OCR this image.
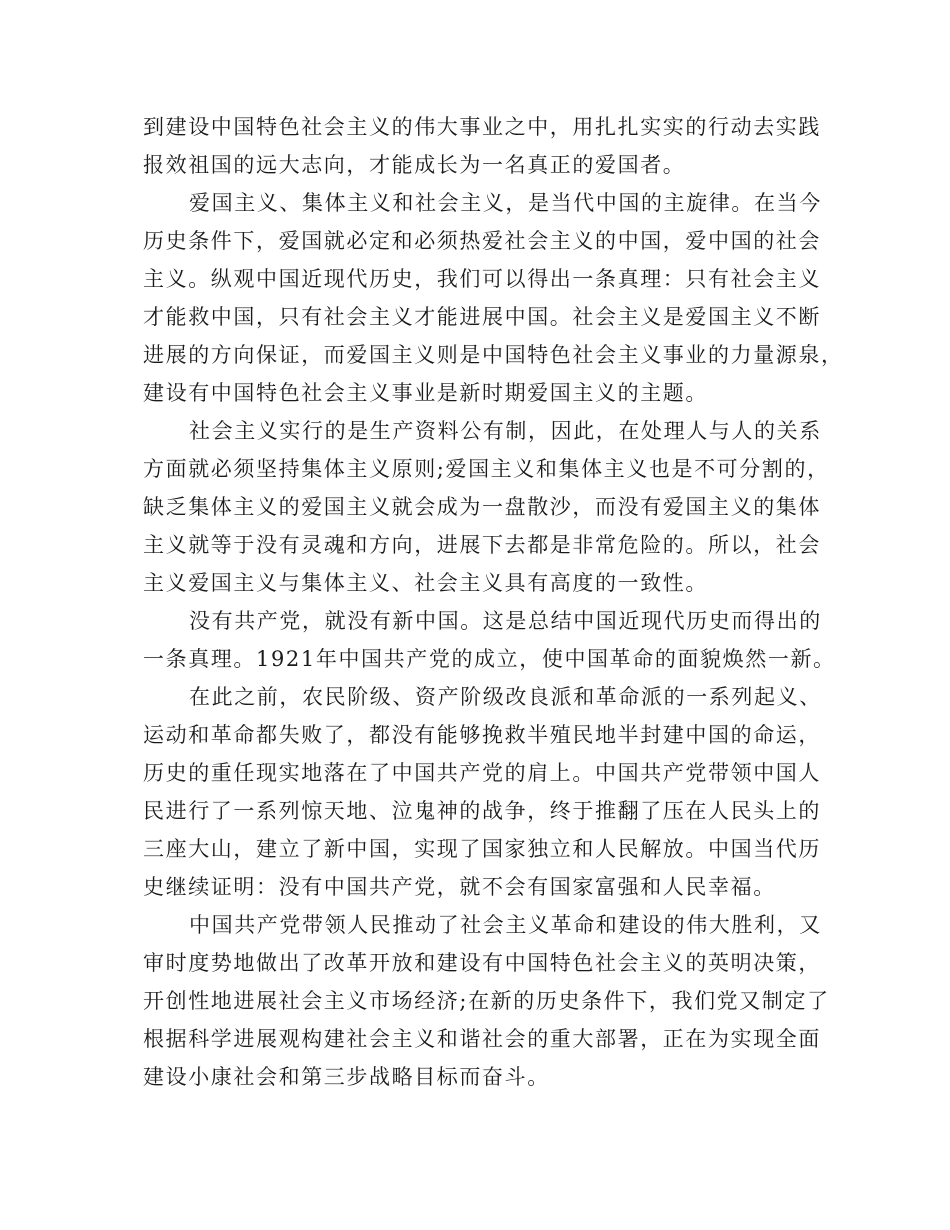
到建设中国特色社会主义的伟大事业之中，用扎扎实实的行动去实践
报效祖国的远大志向，才能成长为一名真正的爱国者。
爱国主义、集体主义和社会主义，是当代中国的主旋律。在当今
历史条件下，爱国就必定和必须热爱社会主义的中国，爱中国的社会
主义。纵观中国近现代历史，我们可以得出一条真理：只有社会主义
才能救中国，只有社会主义才能进展中国。社会主义是爱国主义不断
进展的方向保证，而爱国主义则是中国特色社会主义事业的力量源泉，
建设有中国特色社会主义事业是新时期爱国主义的主题。
社会主义实行的是生产资料公有制，因此，在处理人与人的关系
方面就必须坚持集体主义原则;爱国主义和集体主义也是不可分割的，
缺乏集体主义的爱国主义就会成为一盘散沙，而没有爱国主义的集体
主义就等于没有灵魂和方向，进展下去都是非常危险的。所以，社会
主义爱国主义与集体主义、社会主义具有高度的一致性。
没有共产党，就没有新中国。这是总结中国近现代历史而得出的
一条真理。1921年中国共产党的成立，使中国革命的面貌焕然一新。
在此之前，农民阶级、资产阶级改良派和革命派的一系列起义、
运动和革命都失败了，都没有能够挽救半殖民地半封建中国的命运，
历史的重任现实地落在了中国共产党的肩上。中国共产党带领中国人
民进行了一系列惊天地、泣鬼神的战争，终于推翻了压在人民头上的
三座大山，建立了新中国，实现了国家独立和人民解放。中国当代历
史继续证明：没有中国共产党，就不会有国家富强和人民幸福。
中国共产党带领人民推动了社会主义革命和建设的伟大胜利，又
审时度势地做出了改革开放和建设有中国特色社会主义的英明决策，
开创性地进展社会主义市场经济;在新的历史条件下，我们党又制定了
根据科学进展观构建社会主义和谐社会的重大部署，正在为实现全面
建设小康社会和第三步战略目标而奋斗。
